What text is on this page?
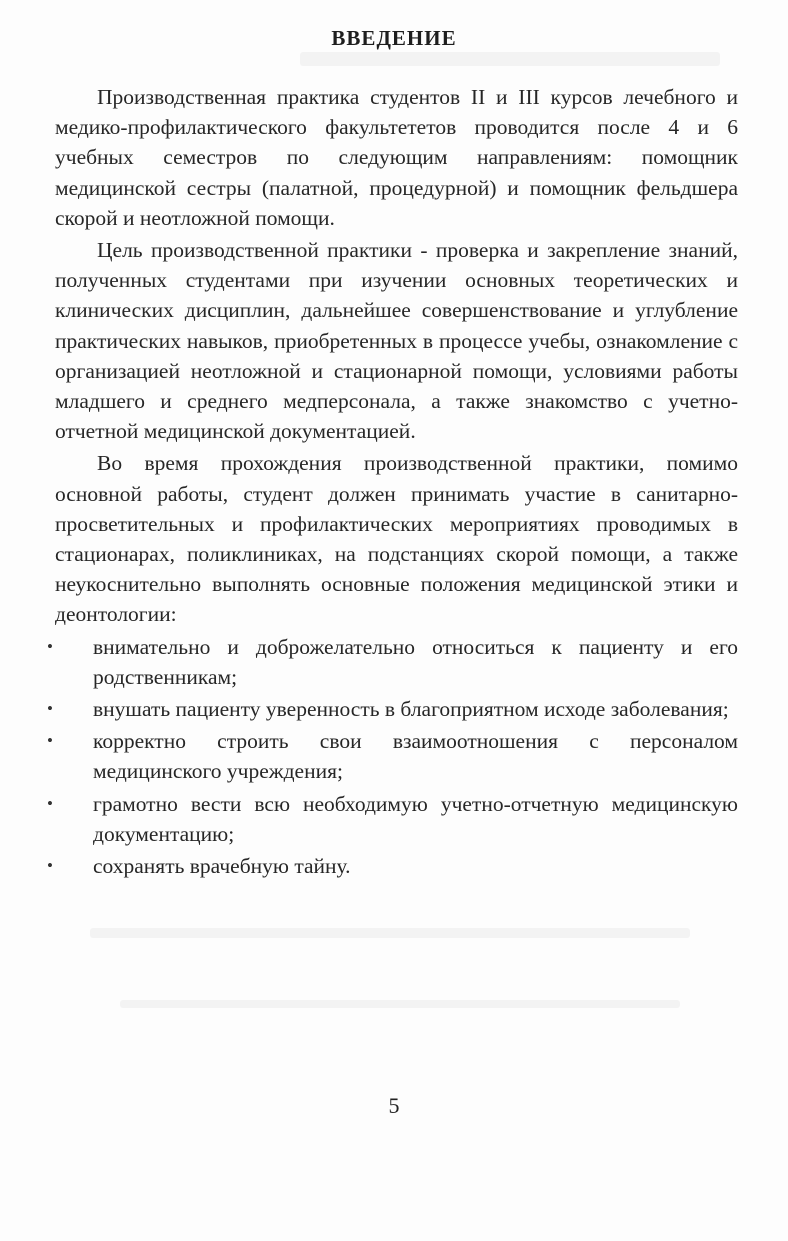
ВВЕДЕНИЕ

Производственная практика студентов II и III курсов лечебного и медико-профилактического факультететов проводится после 4 и 6 учебных семестров по следующим направлениям: помощник медицинской сестры (палатной, процедурной) и помощник фельдшера скорой и неотложной помощи.

Цель производственной практики - проверка и закрепление знаний, полученных студентами при изучении основных теоретических и клинических дисциплин, дальнейшее совершенствование и углубление практических навыков, приобретенных в процессе учебы, ознакомление с организацией неотложной и стационарной помощи, условиями работы младшего и среднего медперсонала, а также знакомство с учетно-отчетной медицинской документацией.

Во время прохождения производственной практики, помимо основной работы, студент должен принимать участие в санитарно-просветительных и профилактических мероприятиях проводимых в стационарах, поликлиниках, на подстанциях скорой помощи, а также неукоснительно выполнять основные положения медицинской этики и деонтологии:

• внимательно и доброжелательно относиться к пациенту и его родственникам;
• внушать пациенту уверенность в благоприятном исходе заболевания;
• корректно строить свои взаимоотношения с персоналом медицинского учреждения;
• грамотно вести всю необходимую учетно-отчетную медицинскую документацию;
• сохранять врачебную тайну.
5
